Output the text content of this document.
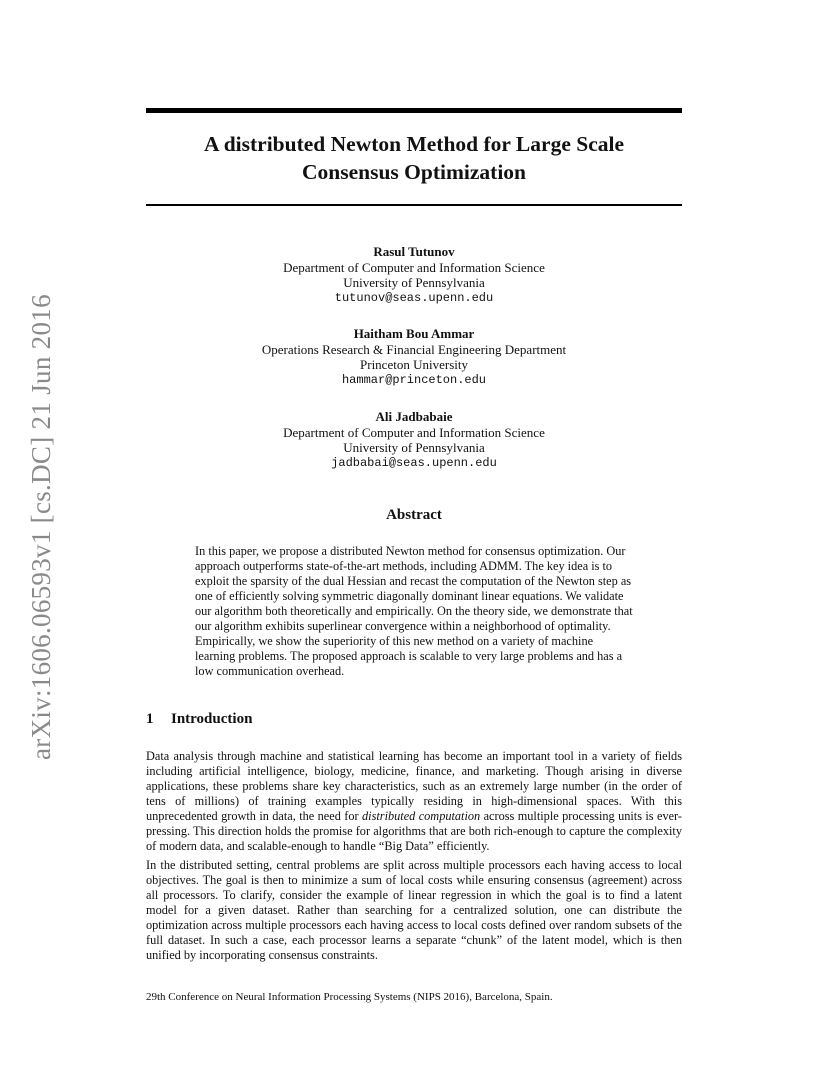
arXiv:1606.06593v1 [cs.DC] 21 Jun 2016
A distributed Newton Method for Large Scale
Consensus Optimization
Rasul Tutunov
Department of Computer and Information Science
University of Pennsylvania
tutunov@seas.upenn.edu
Haitham Bou Ammar
Operations Research & Financial Engineering Department
Princeton University
hammar@princeton.edu
Ali Jadbabaie
Department of Computer and Information Science
University of Pennsylvania
jadbabai@seas.upenn.edu
Abstract

In this paper, we propose a distributed Newton method for consensus optimization. Our approach outperforms state-of-the-art methods, including ADMM. The key idea is to exploit the sparsity of the dual Hessian and recast the computation of the Newton step as one of efficiently solving symmetric diagonally dominant linear equations. We validate our algorithm both theoretically and empirically. On the theory side, we demonstrate that our algorithm exhibits superlinear convergence within a neighborhood of optimality. Empirically, we show the superiority of this new method on a variety of machine learning problems. The proposed approach is scalable to very large problems and has a low communication overhead.

1 Introduction

Data analysis through machine and statistical learning has become an important tool in a variety of fields including artificial intelligence, biology, medicine, finance, and marketing. Though arising in diverse applications, these problems share key characteristics, such as an extremely large number (in the order of tens of millions) of training examples typically residing in high-dimensional spaces. With this unprecedented growth in data, the need for distributed computation across multiple processing units is ever-pressing. This direction holds the promise for algorithms that are both rich-enough to capture the complexity of modern data, and scalable-enough to handle “Big Data” efficiently.

In the distributed setting, central problems are split across multiple processors each having access to local objectives. The goal is then to minimize a sum of local costs while ensuring consensus (agreement) across all processors. To clarify, consider the example of linear regression in which the goal is to find a latent model for a given dataset. Rather than searching for a centralized solution, one can distribute the optimization across multiple processors each having access to local costs defined over random subsets of the full dataset. In such a case, each processor learns a separate “chunk” of the latent model, which is then unified by incorporating consensus constraints.

29th Conference on Neural Information Processing Systems (NIPS 2016), Barcelona, Spain.
